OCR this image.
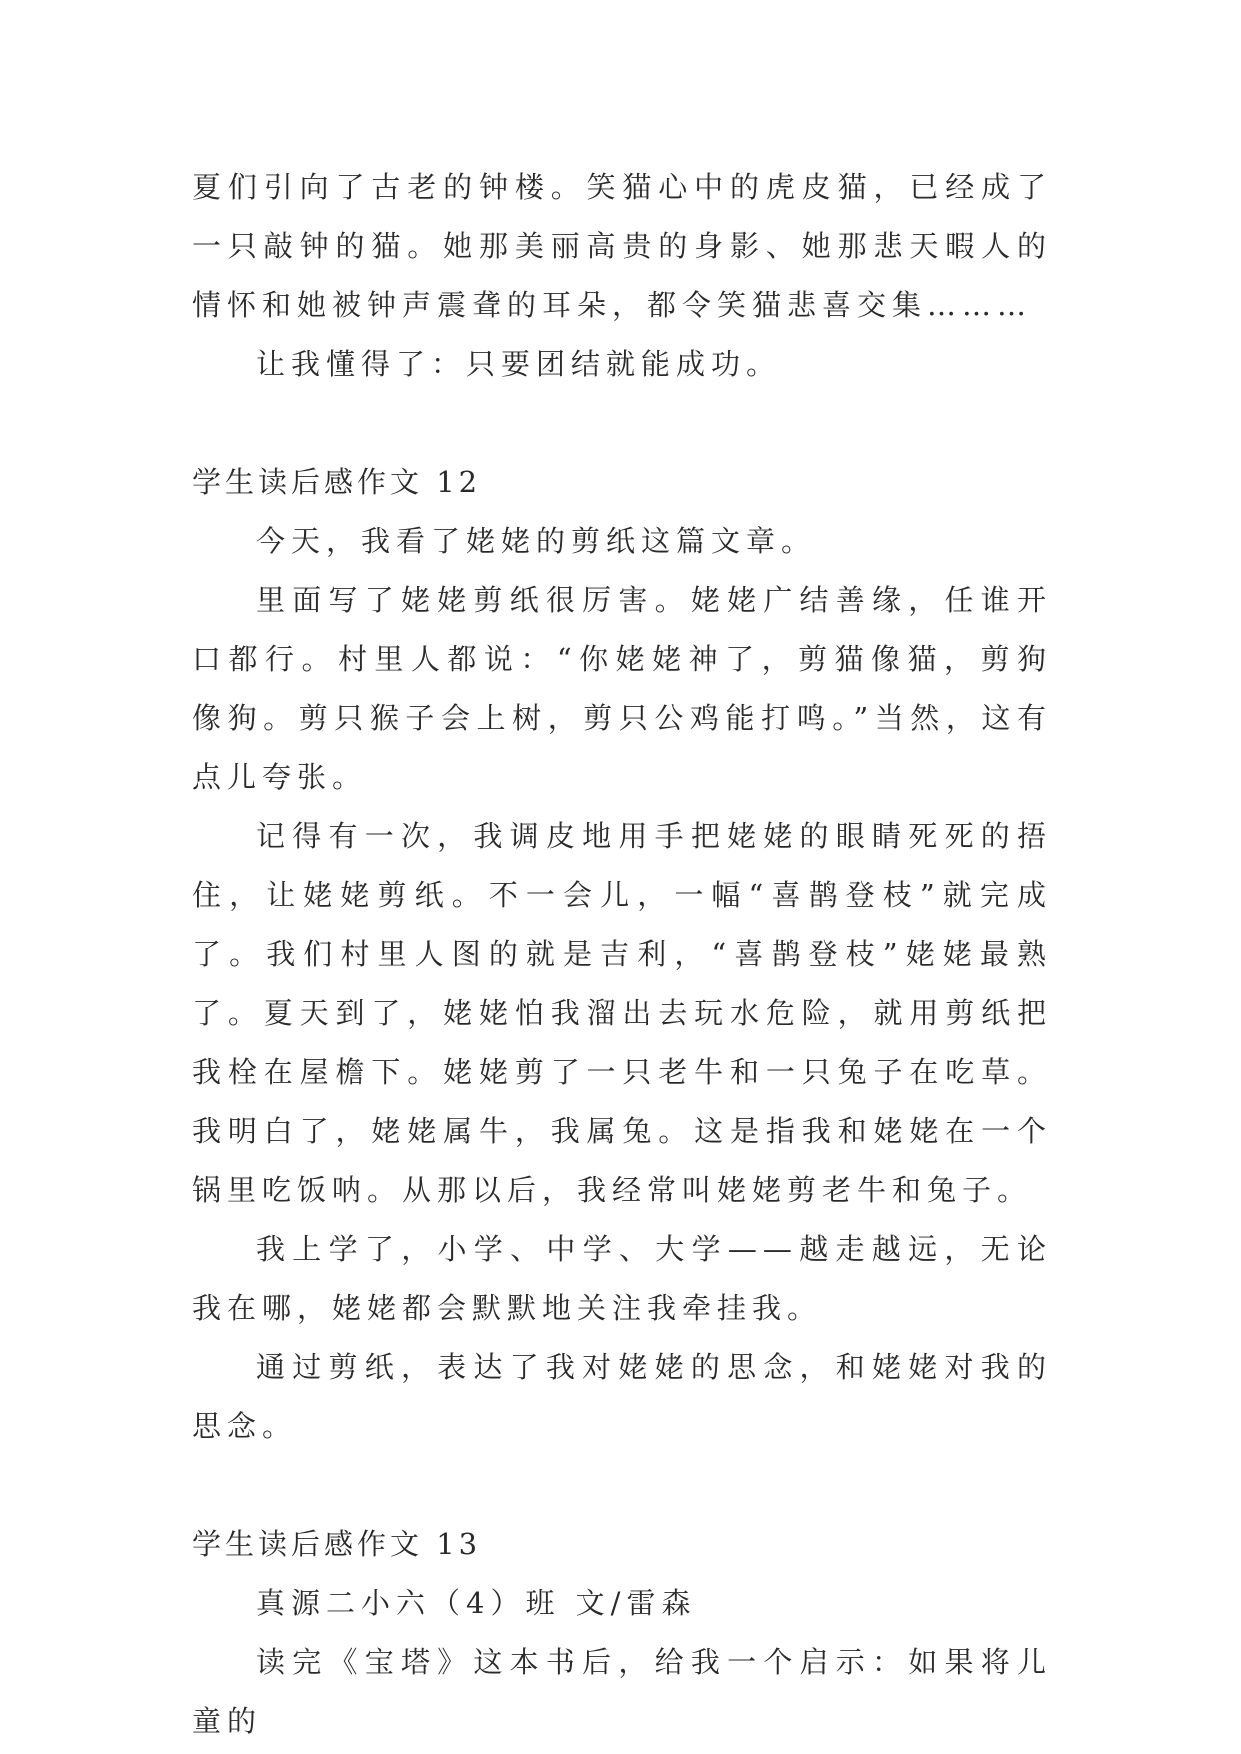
夏们引向了古老的钟楼。笑猫心中的虎皮猫，已经成了一只敲钟的猫。她那美丽高贵的身影、她那悲天暇人的情怀和她被钟声震聋的耳朵，都令笑猫悲喜交集………

让我懂得了：只要团结就能成功。

学生读后感作文 12

今天，我看了姥姥的剪纸这篇文章。

里面写了姥姥剪纸很厉害。姥姥广结善缘，任谁开口都行。村里人都说：“你姥姥神了，剪猫像猫，剪狗像狗。剪只猴子会上树，剪只公鸡能打鸣。”当然，这有点儿夸张。

记得有一次，我调皮地用手把姥姥的眼睛死死的捂住，让姥姥剪纸。不一会儿，一幅“喜鹊登枝”就完成了。我们村里人图的就是吉利，“喜鹊登枝”姥姥最熟了。夏天到了，姥姥怕我溜出去玩水危险，就用剪纸把我栓在屋檐下。姥姥剪了一只老牛和一只兔子在吃草。我明白了，姥姥属牛，我属兔。这是指我和姥姥在一个锅里吃饭呐。从那以后，我经常叫姥姥剪老牛和兔子。

我上学了，小学、中学、大学——越走越远，无论我在哪，姥姥都会默默地关注我牵挂我。

通过剪纸，表达了我对姥姥的思念，和姥姥对我的思念。

学生读后感作文 13

真源二小六（4）班 文/雷森

读完《宝塔》这本书后，给我一个启示：如果将儿童的
